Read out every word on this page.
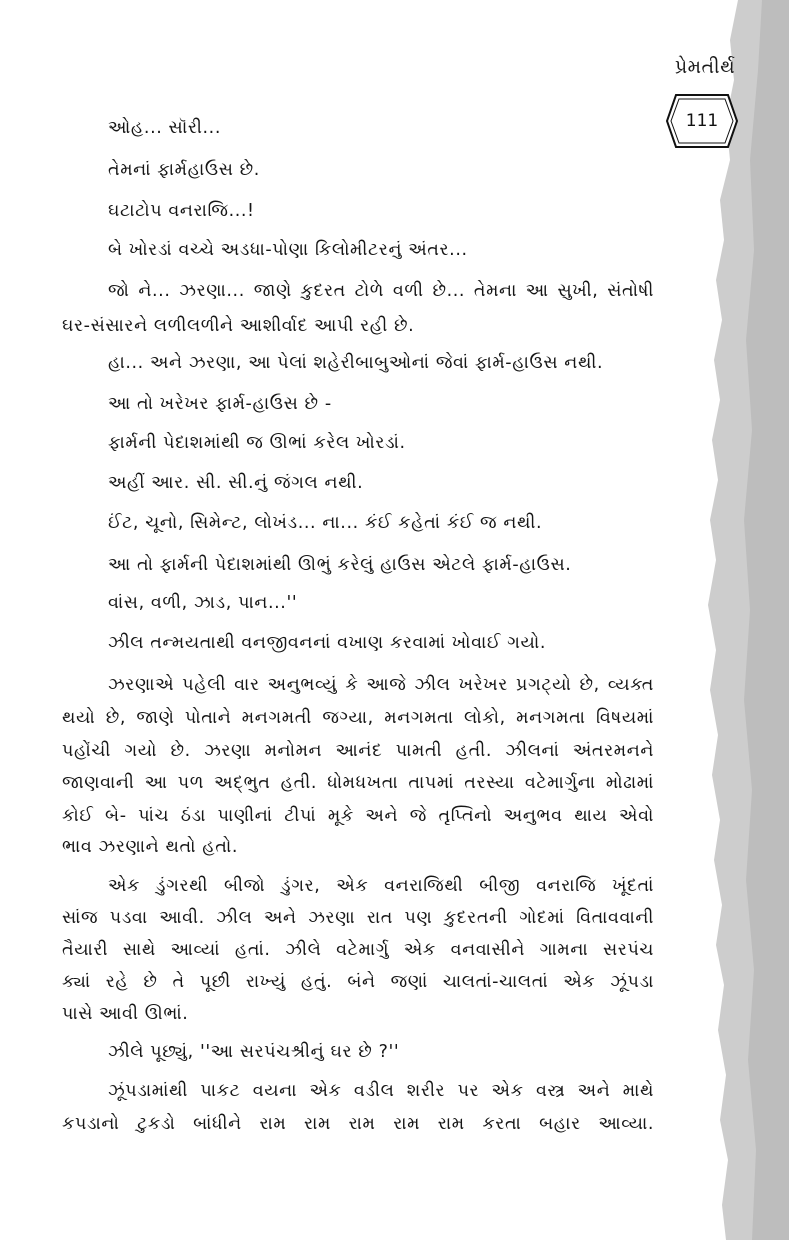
પ્રેમતીર્થ
111
ઓહ... સૉરી...
તેમનાં ફાર્મહાઉસ છે.
ઘટાટોપ વનરાજિ...!
બે ખોરડાં વચ્ચે અડધા-પોણા કિલોમીટરનું અંતર...
જો ને... ઝરણા... જાણે કુદરત ટોળે વળી છે... તેમના આ સુખી, સંતોષી
ઘર-સંસારને લળીલળીને આશીર્વાદ આપી રહી છે.
હા... અને ઝરણા, આ પેલાં શહેરીબાબુઓનાં જેવાં ફાર્મ-હાઉસ નથી.
આ તો ખરેખર ફાર્મ-હાઉસ છે -
ફાર્મની પેદાશમાંથી જ ઊભાં કરેલ ખોરડાં.
અહીં આર. સી. સી.નું જંગલ નથી.
ઈંટ, ચૂનો, સિમેન્ટ, લોખંડ... ના... કંઈ કહેતાં કંઈ જ નથી.
આ તો ફાર્મની પેદાશમાંથી ઊભું કરેલું હાઉસ એટલે ફાર્મ-હાઉસ.
વાંસ, વળી, ઝાડ, પાન...''
ઝીલ તન્મયતાથી વનજીવનનાં વખાણ કરવામાં ખોવાઈ ગયો.
ઝરણાએ પહેલી વાર અનુભવ્યું કે આજે ઝીલ ખરેખર પ્રગટ્યો છે, વ્યક્ત
થયો છે, જાણે પોતાને મનગમતી જગ્યા, મનગમતા લોકો, મનગમતા વિષયમાં
પહોંચી ગયો છે. ઝરણા મનોમન આનંદ પામતી હતી. ઝીલનાં અંતરમનને
જાણવાની આ પળ અદ્ભુત હતી. ધોમધખતા તાપમાં તરસ્યા વટેમાર્ગુના મોઢામાં
કોઈ બે- પાંચ ઠંડા પાણીનાં ટીપાં મૂકે અને જે તૃપ્તિનો અનુભવ થાય એવો
ભાવ ઝરણાને થતો હતો.
એક ડુંગરથી બીજો ડુંગર, એક વનરાજિથી બીજી વનરાજિ ખૂંદતાં
સાંજ પડવા આવી. ઝીલ અને ઝરણા રાત પણ કુદરતની ગોદમાં વિતાવવાની
તૈયારી સાથે આવ્યાં હતાં. ઝીલે વટેમાર્ગુ એક વનવાસીને ગામના સરપંચ
ક્યાં રહે છે તે પૂછી રાખ્યું હતું. બંને જણાં ચાલતાં-ચાલતાં એક ઝૂંપડા
પાસે આવી ઊભાં.
ઝીલે પૂછ્યું, ''આ સરપંચશ્રીનું ઘર છે ?''
ઝૂંપડામાંથી પાકટ વયના એક વડીલ શરીર પર એક વસ્ત્ર અને માથે
કપડાનો ટુકડો બાંધીને રામ રામ રામ રામ રામ કરતા બહાર આવ્યા.
